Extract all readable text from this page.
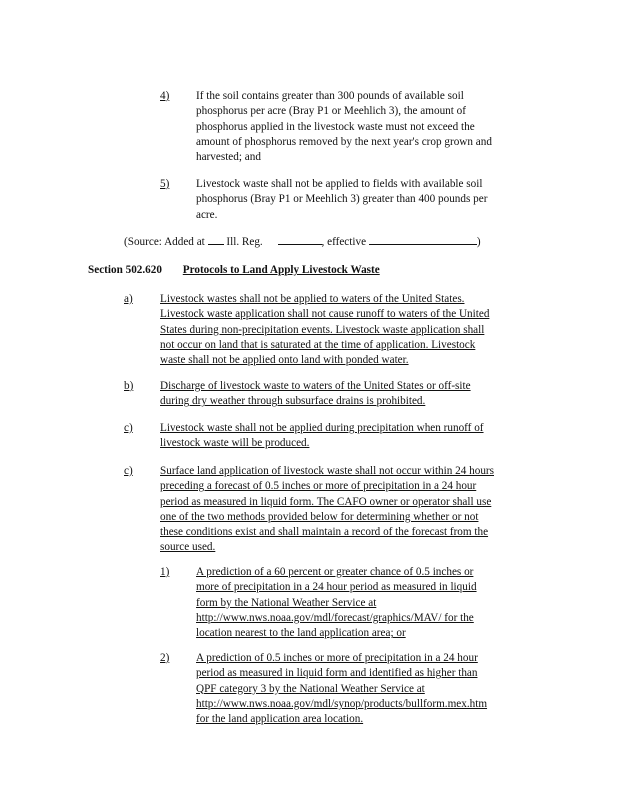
4) If the soil contains greater than 300 pounds of available soil
phosphorus per acre (Bray P1 or Meehlich 3), the amount of
phosphorus applied in the livestock waste must not exceed the
amount of phosphorus removed by the next year's crop grown and
harvested; and
5) Livestock waste shall not be applied to fields with available soil
phosphorus (Bray P1 or Meehlich 3) greater than 400 pounds per
acre.
(Source: Added at Ill. Reg.	, effective	)
Section 502.620 Protocols to Land Apply Livestock Waste
a) Livestock wastes shall not be applied to waters of the United States.
Livestock waste application shall not cause runoff to waters of the United
States during non-precipitation events. Livestock waste application shall
not occur on land that is saturated at the time of application. Livestock
waste shall not be applied onto land with ponded water.
b) Discharge of livestock waste to waters of the United States or off-site
during dry weather through subsurface drains is prohibited.
c) Livestock waste shall not be applied during precipitation when runoff of
livestock waste will be produced.
c) Surface land application of livestock waste shall not occur within 24 hours
preceding a forecast of 0.5 inches or more of precipitation in a 24 hour
period as measured in liquid form. The CAFO owner or operator shall use
one of the two methods provided below for determining whether or not
these conditions exist and shall maintain a record of the forecast from the
source used.
1) A prediction of a 60 percent or greater chance of 0.5 inches or
more of precipitation in a 24 hour period as measured in liquid
form by the National Weather Service at
http://www.nws.noaa.gov/mdl/forecast/graphics/MAV/ for the
location nearest to the land application area; or
2) A prediction of 0.5 inches or more of precipitation in a 24 hour
period as measured in liquid form and identified as higher than
QPF category 3 by the National Weather Service at
http://www.nws.noaa.gov/mdl/synop/products/bullform.mex.htm
for the land application area location.
